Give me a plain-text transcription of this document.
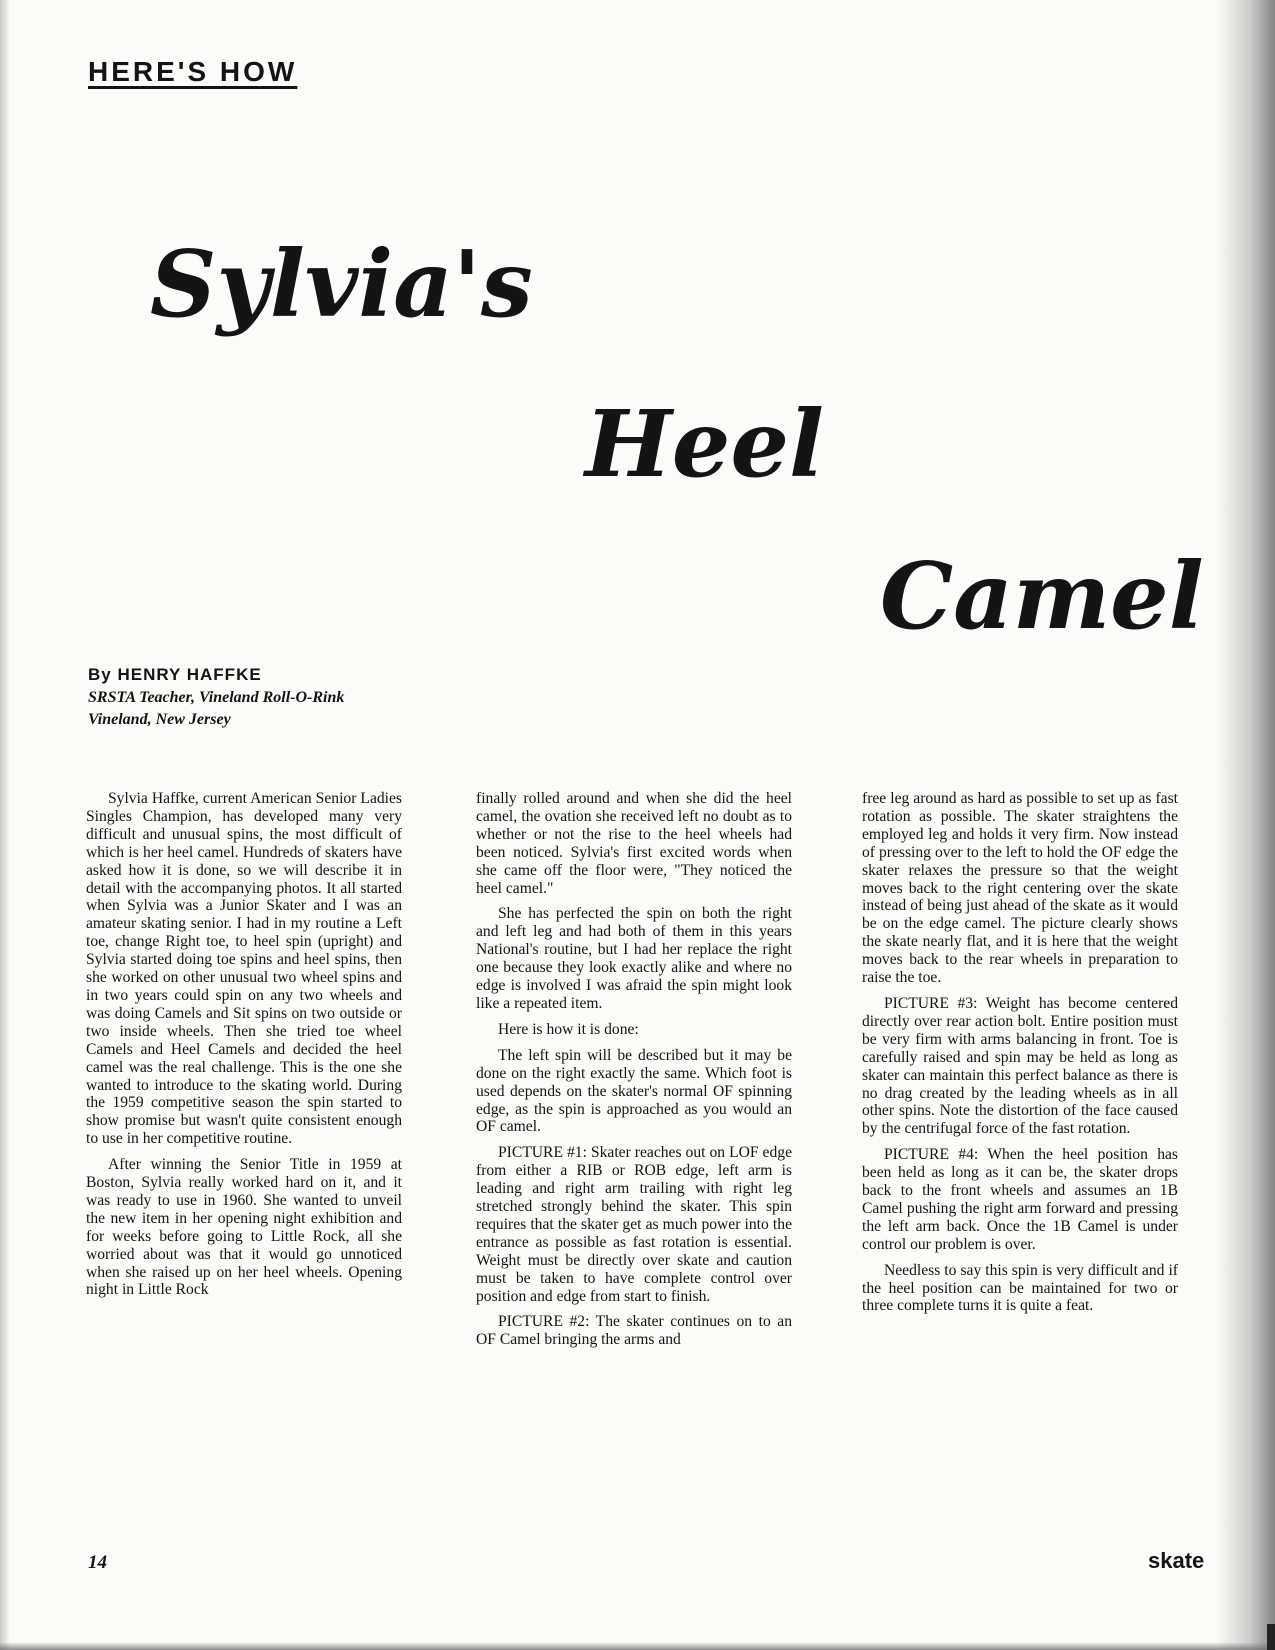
HERE'S HOW
Sylvia's
Heel
Camel
By HENRY HAFFKE
SRSTA Teacher, Vineland Roll-O-Rink
Vineland, New Jersey

Sylvia Haffke, current American Senior Ladies Singles Champion, has developed many very difficult and unusual spins, the most difficult of which is her heel camel. Hundreds of skaters have asked how it is done, so we will describe it in detail with the accompanying photos. It all started when Sylvia was a Junior Skater and I was an amateur skating senior. I had in my routine a Left toe, change Right toe, to heel spin (upright) and Sylvia started doing toe spins and heel spins, then she worked on other unusual two wheel spins and in two years could spin on any two wheels and was doing Camels and Sit spins on two outside or two inside wheels. Then she tried toe wheel Camels and Heel Camels and decided the heel camel was the real challenge. This is the one she wanted to introduce to the skating world. During the 1959 competitive season the spin started to show promise but wasn't quite consistent enough to use in her competitive routine.

After winning the Senior Title in 1959 at Boston, Sylvia really worked hard on it, and it was ready to use in 1960. She wanted to unveil the new item in her opening night exhibition and for weeks before going to Little Rock, all she worried about was that it would go unnoticed when she raised up on her heel wheels. Opening night in Little Rock

finally rolled around and when she did the heel camel, the ovation she received left no doubt as to whether or not the rise to the heel wheels had been noticed. Sylvia's first excited words when she came off the floor were, "They noticed the heel camel."

She has perfected the spin on both the right and left leg and had both of them in this years National's routine, but I had her replace the right one because they look exactly alike and where no edge is involved I was afraid the spin might look like a repeated item.

Here is how it is done:

The left spin will be described but it may be done on the right exactly the same. Which foot is used depends on the skater's normal OF spinning edge, as the spin is approached as you would an OF camel.

PICTURE #1: Skater reaches out on LOF edge from either a RIB or ROB edge, left arm is leading and right arm trailing with right leg stretched strongly behind the skater. This spin requires that the skater get as much power into the entrance as possible as fast rotation is essential. Weight must be directly over skate and caution must be taken to have complete control over position and edge from start to finish.

PICTURE #2: The skater continues on to an OF Camel bringing the arms and

free leg around as hard as possible to set up as fast rotation as possible. The skater straightens the employed leg and holds it very firm. Now instead of pressing over to the left to hold the OF edge the skater relaxes the pressure so that the weight moves back to the right centering over the skate instead of being just ahead of the skate as it would be on the edge camel. The picture clearly shows the skate nearly flat, and it is here that the weight moves back to the rear wheels in preparation to raise the toe.

PICTURE #3: Weight has become centered directly over rear action bolt. Entire position must be very firm with arms balancing in front. Toe is carefully raised and spin may be held as long as skater can maintain this perfect balance as there is no drag created by the leading wheels as in all other spins. Note the distortion of the face caused by the centrifugal force of the fast rotation.

PICTURE #4: When the heel position has been held as long as it can be, the skater drops back to the front wheels and assumes an 1B Camel pushing the right arm forward and pressing the left arm back. Once the 1B Camel is under control our problem is over.

Needless to say this spin is very difficult and if the heel position can be maintained for two or three complete turns it is quite a feat.

14	skate
